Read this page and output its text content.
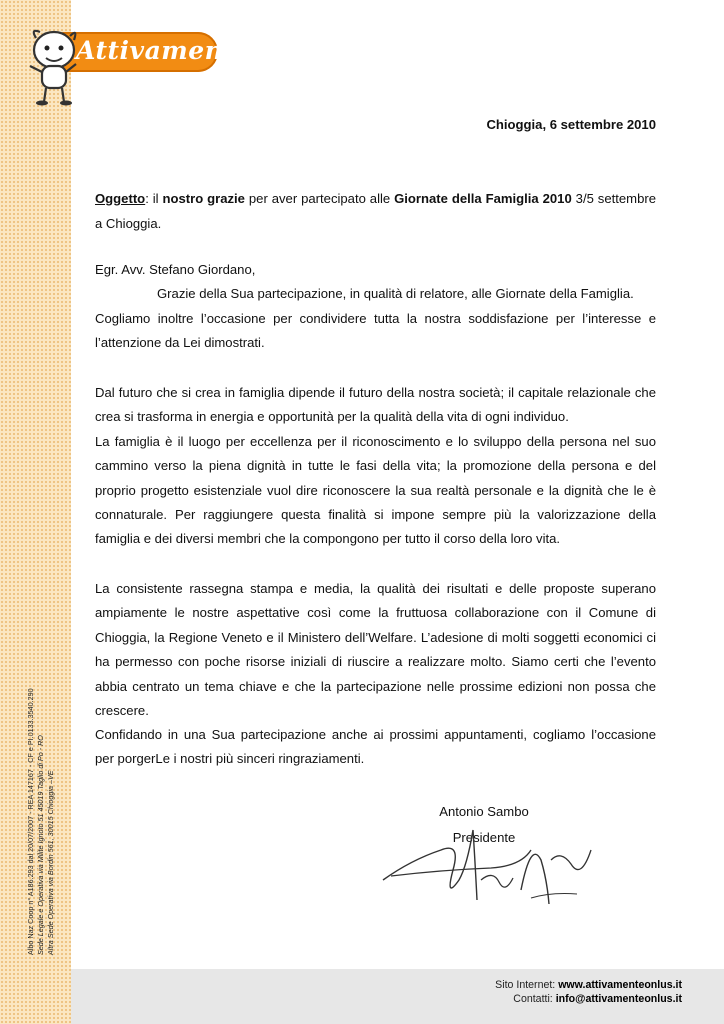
Attivamente
Albo Naz Coop n° A186.293 dal 20/07/2007 - REA 147167 - CF e PI.0133.3540.290 Sede Legale e Operativa via Milite Ignoto 51 45019 Taglio di Po - RO Altra Sede Operativa via Bordin 561, 30015 Chioggia –VE
Chioggia, 6 settembre 2010
Oggetto: il nostro grazie per aver partecipato alle Giornate della Famiglia 2010 3/5 settembre a Chioggia.

Egr. Avv. Stefano Giordano,

Grazie della Sua partecipazione, in qualità di relatore, alle Giornate della Famiglia.

Cogliamo inoltre l’occasione per condividere tutta la nostra soddisfazione per l’interesse e l’attenzione da Lei dimostrati.

Dal futuro che si crea in famiglia dipende il futuro della nostra società; il capitale relazionale che crea si trasforma in energia e opportunità per la qualità della vita di ogni individuo.

La famiglia è il luogo per eccellenza per il riconoscimento e lo sviluppo della persona nel suo cammino verso la piena dignità in tutte le fasi della vita; la promozione della persona e del proprio progetto esistenziale vuol dire riconoscere la sua realtà personale e la dignità che le è connaturale. Per raggiungere questa finalità si impone sempre più la valorizzazione della famiglia e dei diversi membri che la compongono per tutto il corso della loro vita.

La consistente rassegna stampa e media, la qualità dei risultati e delle proposte superano ampiamente le nostre aspettative così come la fruttuosa collaborazione con il Comune di Chioggia, la Regione Veneto e il Ministero dell’Welfare. L’adesione di molti soggetti economici ci ha permesso con poche risorse iniziali di riuscire a realizzare molto. Siamo certi che l’evento abbia centrato un tema chiave e che la partecipazione nelle prossime edizioni non possa che crescere.

Confidando in una Sua partecipazione anche ai prossimi appuntamenti, cogliamo l’occasione per porgerLe i nostri più sinceri ringraziamenti.

Antonio Sambo
Presidente
Sito Internet: www.attivamenteonlus.it
Contatti: info@attivamenteonlus.it
